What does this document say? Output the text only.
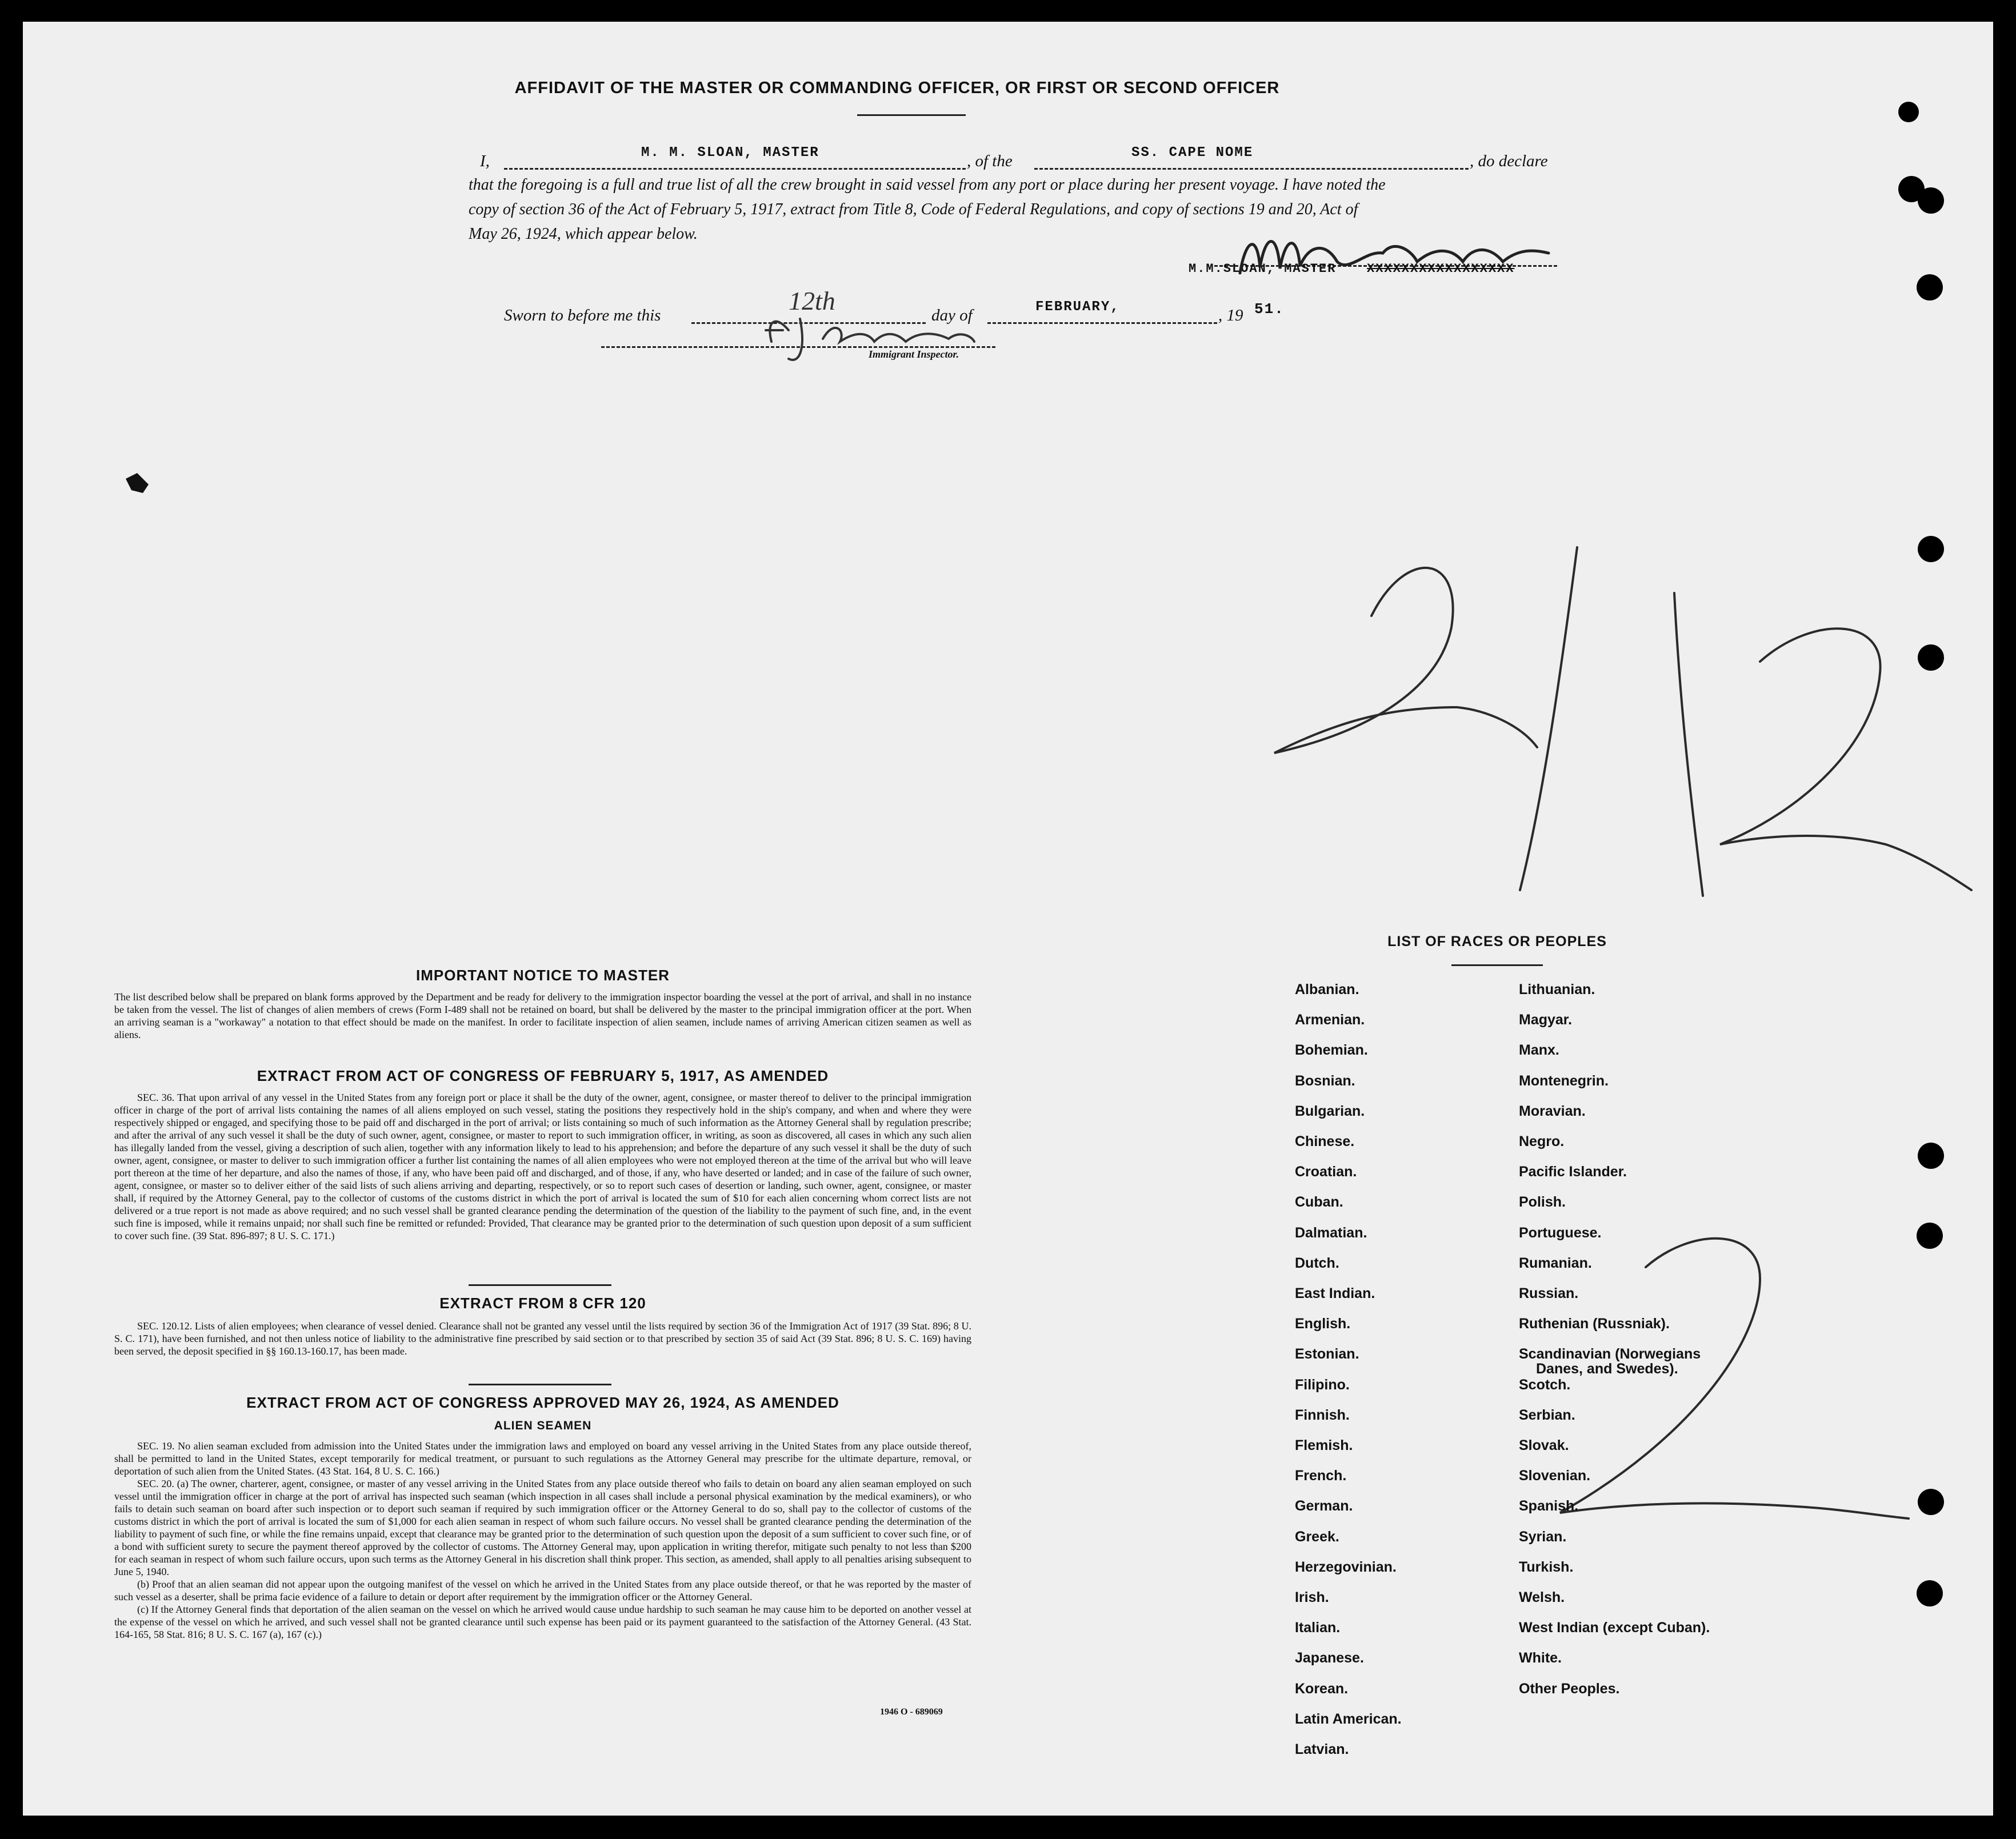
AFFIDAVIT OF THE MASTER OR COMMANDING OFFICER, OR FIRST OR SECOND OFFICER
I,	M. M. SLOAN, MASTER	, of the	SS. CAPE NOME	, do declare
that the foregoing is a full and true list of all the crew brought in said vessel from any port or place during her present voyage. I have noted the
copy of section 36 of the Act of February 5, 1917, extract from Title 8, Code of Federal Regulations, and copy of sections 19 and 20, Act of
May 26, 1924, which appear below.
M.M.SLOAN, MASTER XXXXXXXXXXXXXXXXX
Sworn to before me this	12th	day of	FEBRUARY,	, 19 51.
Immigrant Inspector.
IMPORTANT NOTICE TO MASTER

The list described below shall be prepared on blank forms approved by the Department and be ready for delivery to the immigration inspector boarding the vessel at the port of arrival, and shall in no instance be taken from the vessel. The list of changes of alien members of crews (Form I-489 shall not be retained on board, but shall be delivered by the master to the principal immigration officer at the port. When an arriving seaman is a "workaway" a notation to that effect should be made on the manifest. In order to facilitate inspection of alien seamen, include names of arriving American citizen seamen as well as aliens.

EXTRACT FROM ACT OF CONGRESS OF FEBRUARY 5, 1917, AS AMENDED

SEC. 36. That upon arrival of any vessel in the United States from any foreign port or place it shall be the duty of the owner, agent, consignee, or master thereof to deliver to the principal immigration officer in charge of the port of arrival lists containing the names of all aliens employed on such vessel, stating the positions they respectively hold in the ship's company, and when and where they were respectively shipped or engaged, and specifying those to be paid off and discharged in the port of arrival; or lists containing so much of such information as the Attorney General shall by regulation prescribe; and after the arrival of any such vessel it shall be the duty of such owner, agent, consignee, or master to report to such immigration officer, in writing, as soon as discovered, all cases in which any such alien has illegally landed from the vessel, giving a description of such alien, together with any information likely to lead to his apprehension; and before the departure of any such vessel it shall be the duty of such owner, agent, consignee, or master to deliver to such immigration officer a further list containing the names of all alien employees who were not employed thereon at the time of the arrival but who will leave port thereon at the time of her departure, and also the names of those, if any, who have been paid off and discharged, and of those, if any, who have deserted or landed; and in case of the failure of such owner, agent, consignee, or master so to deliver either of the said lists of such aliens arriving and departing, respectively, or so to report such cases of desertion or landing, such owner, agent, consignee, or master shall, if required by the Attorney General, pay to the collector of customs of the customs district in which the port of arrival is located the sum of $10 for each alien concerning whom correct lists are not delivered or a true report is not made as above required; and no such vessel shall be granted clearance pending the determination of the question of the liability to the payment of such fine, and, in the event such fine is imposed, while it remains unpaid; nor shall such fine be remitted or refunded: Provided, That clearance may be granted prior to the determination of such question upon deposit of a sum sufficient to cover such fine. (39 Stat. 896-897; 8 U. S. C. 171.)

EXTRACT FROM 8 CFR 120

SEC. 120.12. Lists of alien employees; when clearance of vessel denied. Clearance shall not be granted any vessel until the lists required by section 36 of the Immigration Act of 1917 (39 Stat. 896; 8 U. S. C. 171), have been furnished, and not then unless notice of liability to the administrative fine prescribed by said section or to that prescribed by section 35 of said Act (39 Stat. 896; 8 U. S. C. 169) having been served, the deposit specified in §§ 160.13-160.17, has been made.

EXTRACT FROM ACT OF CONGRESS APPROVED MAY 26, 1924, AS AMENDED
ALIEN SEAMEN

SEC. 19. No alien seaman excluded from admission into the United States under the immigration laws and employed on board any vessel arriving in the United States from any place outside thereof, shall be permitted to land in the United States, except temporarily for medical treatment, or pursuant to such regulations as the Attorney General may prescribe for the ultimate departure, removal, or deportation of such alien from the United States. (43 Stat. 164, 8 U. S. C. 166.)

SEC. 20. (a) The owner, charterer, agent, consignee, or master of any vessel arriving in the United States from any place outside thereof who fails to detain on board any alien seaman employed on such vessel until the immigration officer in charge at the port of arrival has inspected such seaman (which inspection in all cases shall include a personal physical examination by the medical examiners), or who fails to detain such seaman on board after such inspection or to deport such seaman if required by such immigration officer or the Attorney General to do so, shall pay to the collector of customs of the customs district in which the port of arrival is located the sum of $1,000 for each alien seaman in respect of whom such failure occurs. No vessel shall be granted clearance pending the determination of the liability to payment of such fine, or while the fine remains unpaid, except that clearance may be granted prior to the determination of such question upon the deposit of a sum sufficient to cover such fine, or of a bond with sufficient surety to secure the payment thereof approved by the collector of customs. The Attorney General may, upon application in writing therefor, mitigate such penalty to not less than $200 for each seaman in respect of whom such failure occurs, upon such terms as the Attorney General in his discretion shall think proper. This section, as amended, shall apply to all penalties arising subsequent to June 5, 1940.

(b) Proof that an alien seaman did not appear upon the outgoing manifest of the vessel on which he arrived in the United States from any place outside thereof, or that he was reported by the master of such vessel as a deserter, shall be prima facie evidence of a failure to detain or deport after requirement by the immigration officer or the Attorney General.

(c) If the Attorney General finds that deportation of the alien seaman on the vessel on which he arrived would cause undue hardship to such seaman he may cause him to be deported on another vessel at the expense of the vessel on which he arrived, and such vessel shall not be granted clearance until such expense has been paid or its payment guaranteed to the satisfaction of the Attorney General. (43 Stat. 164-165, 58 Stat. 816; 8 U. S. C. 167 (a), 167 (c).)

1946 O - 689069
LIST OF RACES OR PEOPLES
Albanian.
Armenian.
Bohemian.
Bosnian.
Bulgarian.
Chinese.
Croatian.
Cuban.
Dalmatian.
Dutch.
East Indian.
English.
Estonian.
Filipino.
Finnish.
Flemish.
French.
German.
Greek.
Herzegovinian.
Irish.
Italian.
Japanese.
Korean.
Latin American.
Latvian.
Lithuanian.
Magyar.
Manx.
Montenegrin.
Moravian.
Negro.
Pacific Islander.
Polish.
Portuguese.
Rumanian.
Russian.
Ruthenian (Russniak).
Scandinavian (Norwegians
Danes, and Swedes).
Scotch.
Serbian.
Slovak.
Slovenian.
Spanish.
Syrian.
Turkish.
Welsh.
West Indian (except Cuban).
White.
Other Peoples.
